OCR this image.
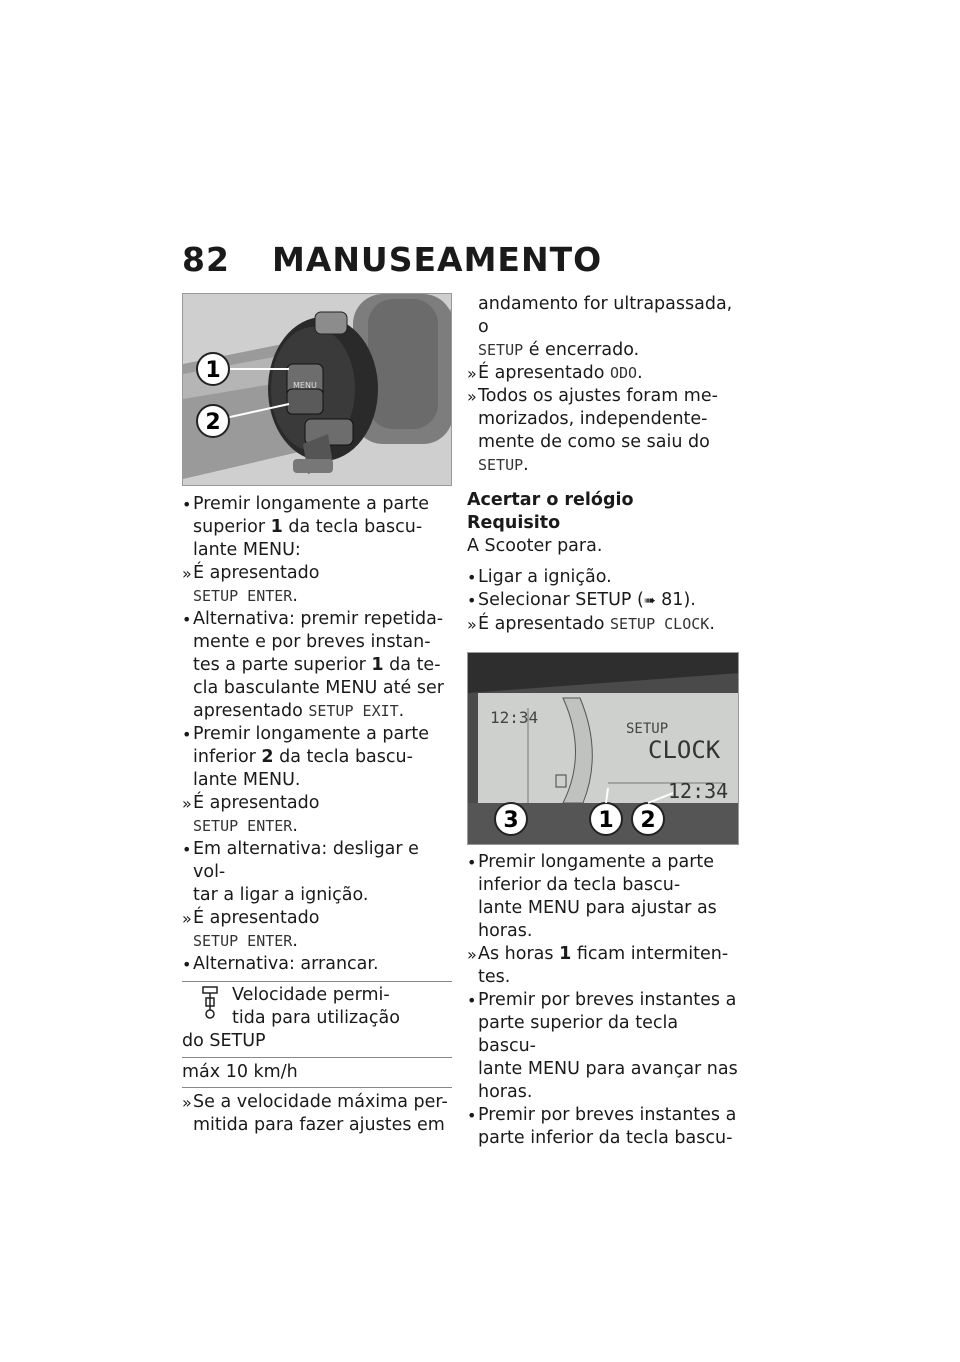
82 MANUSEAMENTO
MENU
1
2
• Premir longamente a parte
superior 1 da tecla bascu-
lante MENU:
» É apresentado
SETUP ENTER.
• Alternativa: premir repetida-
mente e por breves instan-
tes a parte superior 1 da te-
cla basculante MENU até ser
apresentado SETUP EXIT.
• Premir longamente a parte
inferior 2 da tecla bascu-
lante MENU.
» É apresentado
SETUP ENTER.
• Em alternativa: desligar e vol-
tar a ligar a ignição.
» É apresentado
SETUP ENTER.
• Alternativa: arrancar.
Velocidade permi-
tida para utilização
do SETUP
máx 10 km/h
» Se a velocidade máxima per-
mitida para fazer ajustes em
andamento for ultrapassada, o
SETUP é encerrado.
» É apresentado ODO.
» Todos os ajustes foram me-
morizados, independente-
mente de como se saiu do
SETUP.
Acertar o relógio
Requisito
A Scooter para.
• Ligar a ignição.
• Selecionar SETUP (➠ 81).
» É apresentado SETUP CLOCK.
12:34
SETUP
CLOCK
12:34
3	1 2
• Premir longamente a parte
inferior da tecla bascu-
lante MENU para ajustar as
horas.
» As horas 1 ficam intermiten-
tes.
• Premir por breves instantes a
parte superior da tecla bascu-
lante MENU para avançar nas
horas.
• Premir por breves instantes a
parte inferior da tecla bascu-
